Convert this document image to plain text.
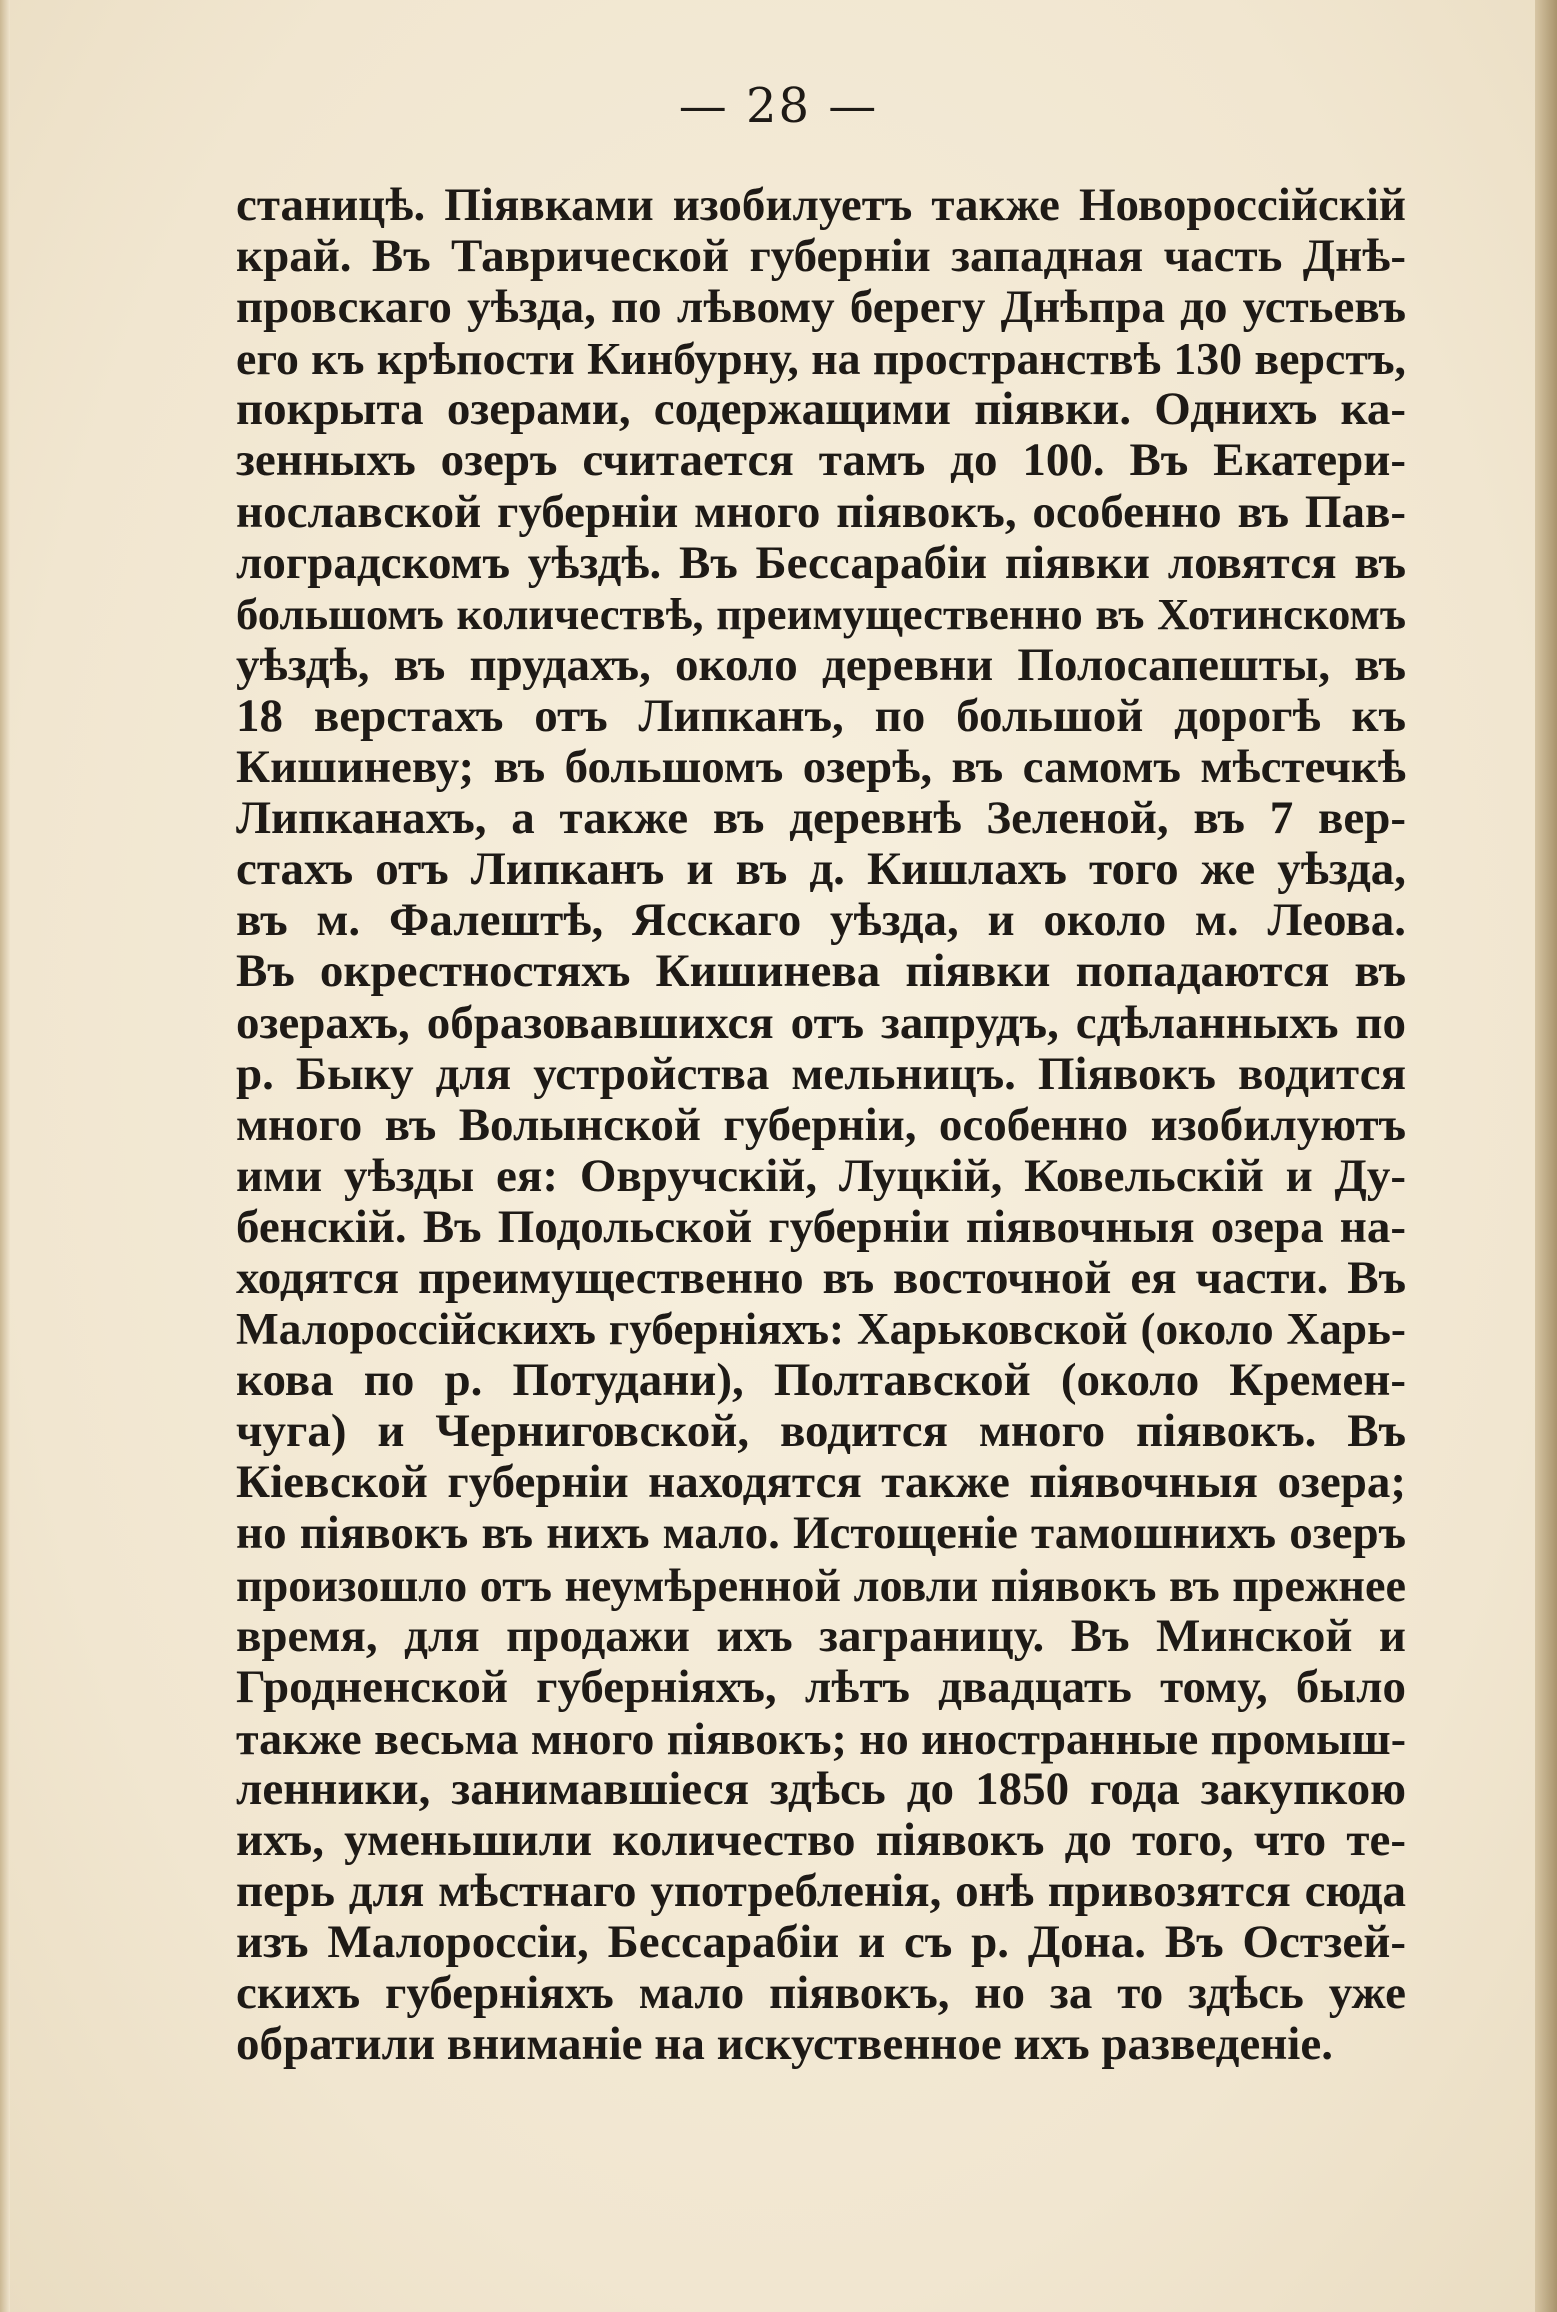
— 28 —
станицѣ. Піявками изобилуетъ также Новороссійскій
край. Въ Таврической губерніи западная часть Днѣ-
провскаго уѣзда, по лѣвому берегу Днѣпра до устьевъ
его къ крѣпости Кинбурну, на пространствѣ 130 верстъ,
покрыта озерами, содержащими піявки. Однихъ ка-
зенныхъ озеръ считается тамъ до 100. Въ Екатери-
нославской губерніи много піявокъ, особенно въ Пав-
лоградскомъ уѣздѣ. Въ Бессарабіи піявки ловятся въ
большомъ количествѣ, преимущественно въ Хотинскомъ
уѣздѣ, въ прудахъ, около деревни Полосапешты, въ
18 верстахъ отъ Липканъ, по большой дорогѣ къ
Кишиневу; въ большомъ озерѣ, въ самомъ мѣстечкѣ
Липканахъ, а также въ деревнѣ Зеленой, въ 7 вер-
стахъ отъ Липканъ и въ д. Кишлахъ того же уѣзда,
въ м. Фалештѣ, Ясскаго уѣзда, и около м. Леова.
Въ окрестностяхъ Кишинева піявки попадаются въ
озерахъ, образовавшихся отъ запрудъ, сдѣланныхъ по
р. Быку для устройства мельницъ. Піявокъ водится
много въ Волынской губерніи, особенно изобилуютъ
ими уѣзды ея: Овручскій, Луцкій, Ковельскій и Ду-
бенскій. Въ Подольской губерніи піявочныя озера на-
ходятся преимущественно въ восточной ея части. Въ
Малороссійскихъ губерніяхъ: Харьковской (около Харь-
кова по р. Потудани), Полтавской (около Кремен-
чуга) и Черниговской, водится много піявокъ. Въ
Кіевской губерніи находятся также піявочныя озера;
но піявокъ въ нихъ мало. Истощеніе тамошнихъ озеръ
произошло отъ неумѣренной ловли піявокъ въ прежнее
время, для продажи ихъ заграницу. Въ Минской и
Гродненской губерніяхъ, лѣтъ двадцать тому, было
также весьма много піявокъ; но иностранные промыш-
ленники, занимавшіеся здѣсь до 1850 года закупкою
ихъ, уменьшили количество піявокъ до того, что те-
перь для мѣстнаго употребленія, онѣ привозятся сюда
изъ Малороссіи, Бессарабіи и съ р. Дона. Въ Остзей-
скихъ губерніяхъ мало піявокъ, но за то здѣсь уже
обратили вниманіе на искуственное ихъ разведеніе.
